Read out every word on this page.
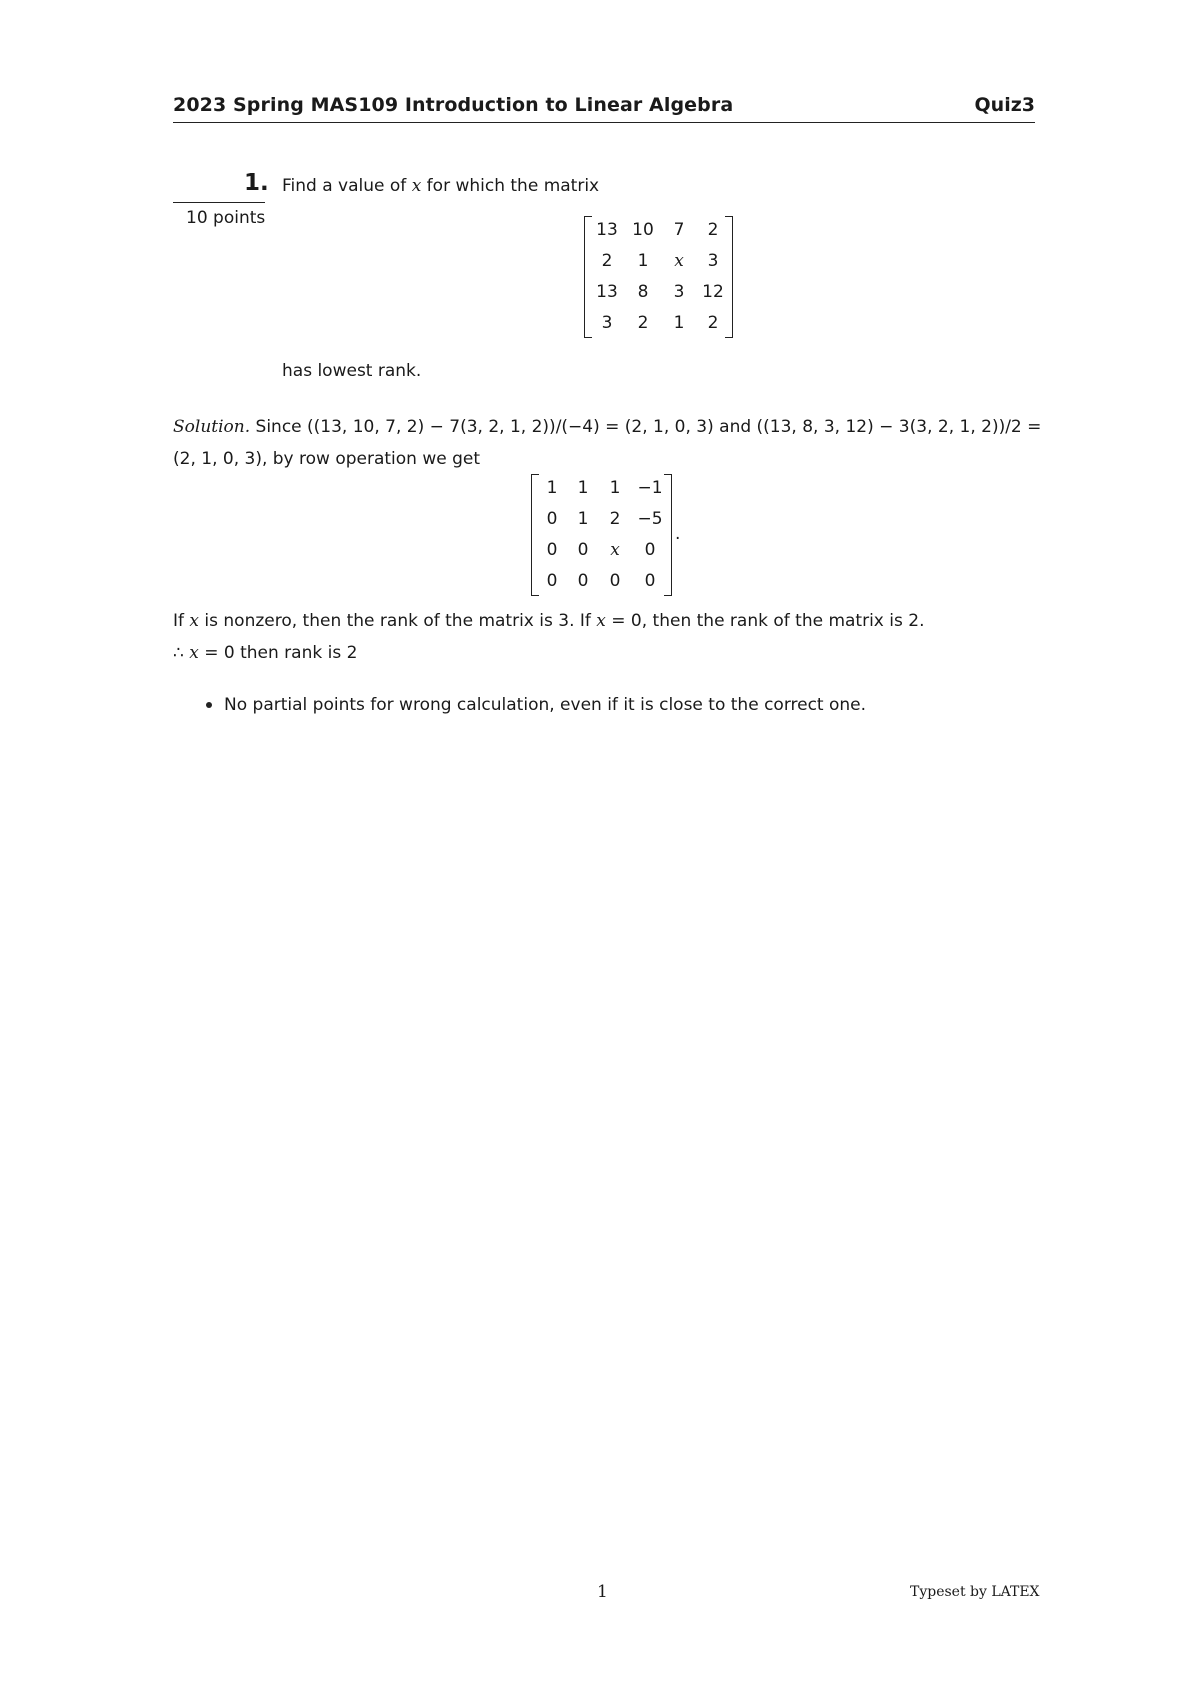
2023 Spring MAS109 Introduction to Linear Algebra	Quiz3
1.
10 points
Find a value of x for which the matrix
13	10	7	2
2	1	x	3
13	8	3	12
3	2	1	2
has lowest rank.
Solution. Since ((13, 10, 7, 2) − 7(3, 2, 1, 2))/(−4) = (2, 1, 0, 3) and ((13, 8, 3, 12) − 3(3, 2, 1, 2))/2 =
(2, 1, 0, 3), by row operation we get
1	1	1	−1
0	1	2	−5
0	0	x	0
0	0	0	0
.
If x is nonzero, then the rank of the matrix is 3. If x = 0, then the rank of the matrix is 2.
∴ x = 0 then rank is 2
No partial points for wrong calculation, even if it is close to the correct one.
1	Typeset by LATEX
